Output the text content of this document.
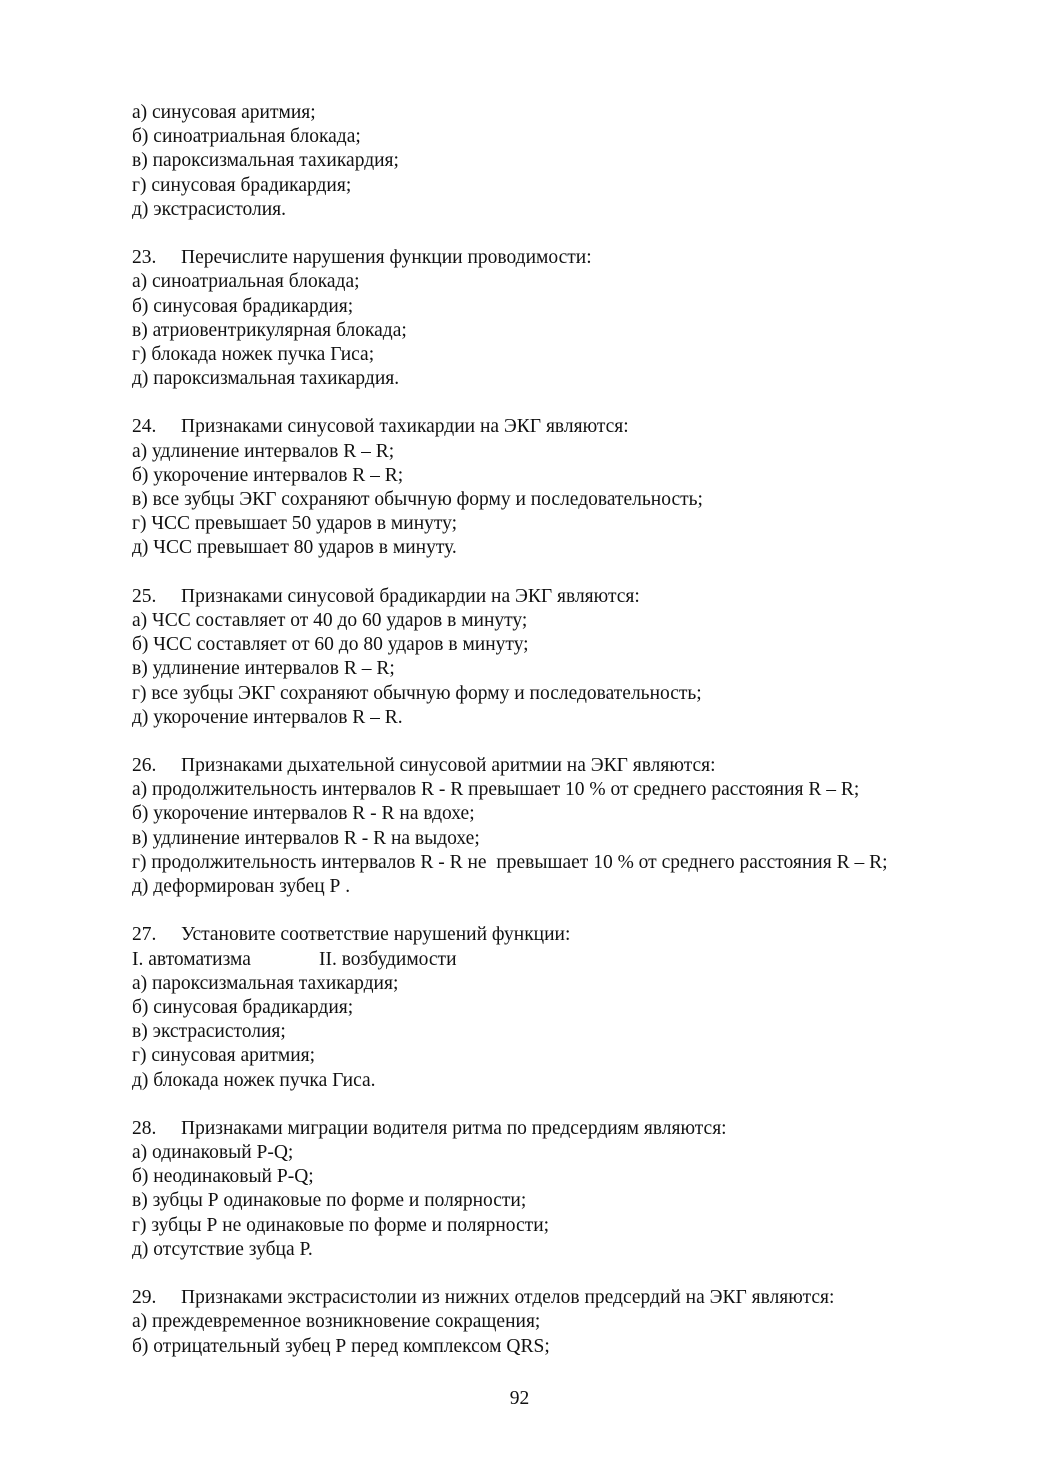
а) синусовая аритмия;
б) синоатриальная блокада;
в) пароксизмальная тахикардия;
г) синусовая брадикардия;
д) экстрасистолия.
23. Перечислите нарушения функции проводимости:
а) синоатриальная блокада;
б) синусовая брадикардия;
в) атриовентрикулярная блокада;
г) блокада ножек пучка Гиса;
д) пароксизмальная тахикардия.
24. Признаками синусовой тахикардии на ЭКГ являются:
а) удлинение интервалов R – R;
б) укорочение интервалов R – R;
в) все зубцы ЭКГ сохраняют обычную форму и последовательность;
г) ЧСС превышает 50 ударов в минуту;
д) ЧСС превышает 80 ударов в минуту.
25. Признаками синусовой брадикардии на ЭКГ являются:
а) ЧСС составляет от 40 до 60 ударов в минуту;
б) ЧСС составляет от 60 до 80 ударов в минуту;
в) удлинение интервалов R – R;
г) все зубцы ЭКГ сохраняют обычную форму и последовательность;
д) укорочение интервалов R – R.
26. Признаками дыхательной синусовой аритмии на ЭКГ являются:
а) продолжительность интервалов R - R превышает 10 % от среднего расстояния R – R;
б) укорочение интервалов R - R на вдохе;
в) удлинение интервалов R - R на выдохе;
г) продолжительность интервалов R - R не  превышает 10 % от среднего расстояния R – R;
д) деформирован зубец Р .
27. Установите соответствие нарушений функции:
I. автоматизма	II. возбудимости
а) пароксизмальная тахикардия;
б) синусовая брадикардия;
в) экстрасистолия;
г) синусовая аритмия;
д) блокада ножек пучка Гиса.
28. Признаками миграции водителя ритма по предсердиям являются:
а) одинаковый P-Q;
б) неодинаковый P-Q;
в) зубцы Р одинаковые по форме и полярности;
г) зубцы Р не одинаковые по форме и полярности;
д) отсутствие зубца Р.
29. Признаками экстрасистолии из нижних отделов предсердий на ЭКГ являются:
а) преждевременное возникновение сокращения;
б) отрицательный зубец Р перед комплексом QRS;
92
